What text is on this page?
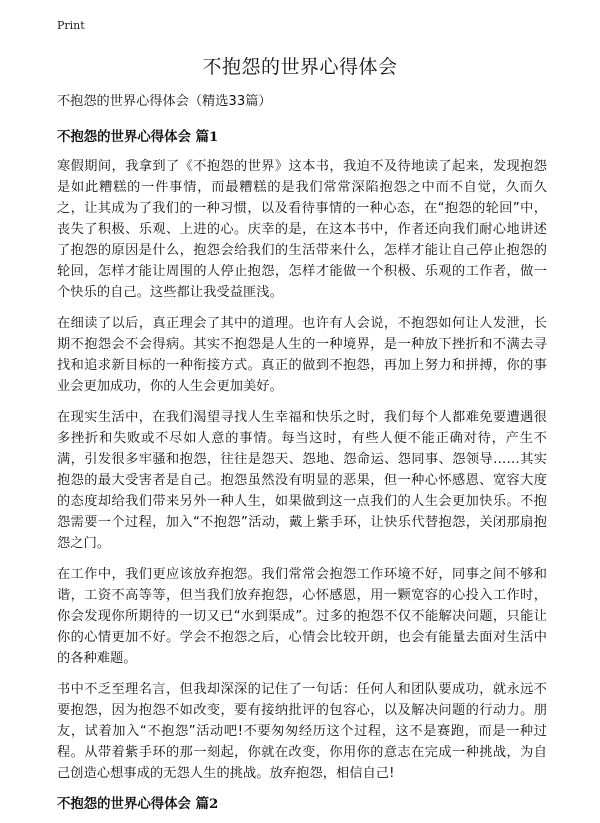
Print
不抱怨的世界心得体会
不抱怨的世界心得体会（精选33篇）
不抱怨的世界心得体会 篇1

寒假期间，我拿到了《不抱怨的世界》这本书，我迫不及待地读了起来，发现抱怨是如此糟糕的一件事情，而最糟糕的是我们常常深陷抱怨之中而不自觉，久而久之，让其成为了我们的一种习惯，以及看待事情的一种心态，在“抱怨的轮回”中，丧失了积极、乐观、上进的心。庆幸的是，在这本书中，作者还向我们耐心地讲述了抱怨的原因是什么，抱怨会给我们的生活带来什么，怎样才能让自己停止抱怨的轮回，怎样才能让周围的人停止抱怨，怎样才能做一个积极、乐观的工作者，做一个快乐的自己。这些都让我受益匪浅。

在细读了以后，真正理会了其中的道理。也许有人会说，不抱怨如何让人发泄，长期不抱怨会不会得病。其实不抱怨是人生的一种境界，是一种放下挫折和不满去寻找和追求新目标的一种衔接方式。真正的做到不抱怨，再加上努力和拼搏，你的事业会更加成功，你的人生会更加美好。

在现实生活中，在我们渴望寻找人生幸福和快乐之时，我们每个人都难免要遭遇很多挫折和失败或不尽如人意的事情。每当这时，有些人便不能正确对待，产生不满，引发很多牢骚和抱怨，往往是怨天、怨地、怨命运、怨同事、怨领导……其实抱怨的最大受害者是自己。抱怨虽然没有明显的恶果，但一种心怀感恩、宽容大度的态度却给我们带来另外一种人生，如果做到这一点我们的人生会更加快乐。不抱怨需要一个过程，加入“不抱怨”活动，戴上紫手环，让快乐代替抱怨，关闭那扇抱怨之门。

在工作中，我们更应该放弃抱怨。我们常常会抱怨工作环境不好，同事之间不够和谐，工资不高等等，但当我们放弃抱怨，心怀感恩，用一颗宽容的心投入工作时，你会发现你所期待的一切又已“水到渠成”。过多的抱怨不仅不能解决问题，只能让你的心情更加不好。学会不抱怨之后，心情会比较开朗，也会有能量去面对生活中的各种难题。

书中不乏至理名言，但我却深深的记住了一句话：任何人和团队要成功，就永远不要抱怨，因为抱怨不如改变，要有接纳批评的包容心，以及解决问题的行动力。朋友，试着加入“不抱怨”活动吧!不要匆匆经历这个过程，这不是赛跑，而是一种过程。从带着紫手环的那一刻起，你就在改变，你用你的意志在完成一种挑战，为自己创造心想事成的无怨人生的挑战。放弃抱怨，相信自己!

不抱怨的世界心得体会 篇2
